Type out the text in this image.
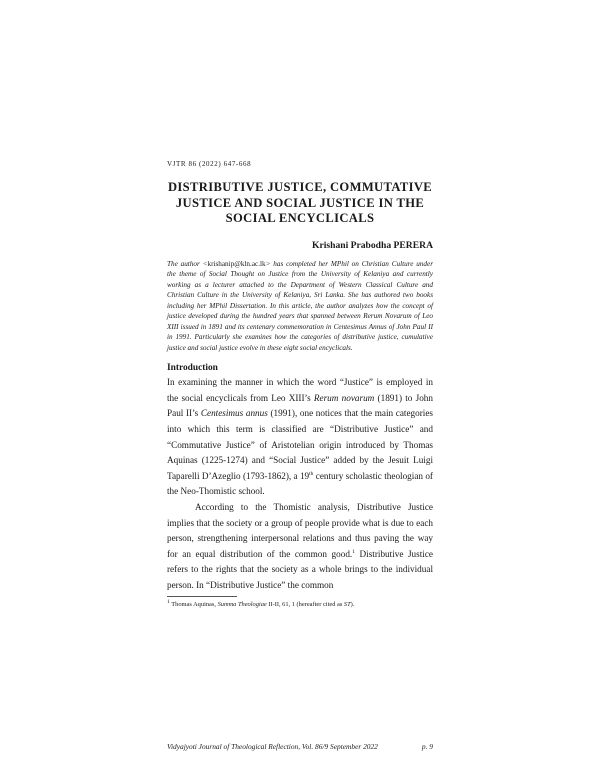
VJTR 86 (2022) 647-668
DISTRIBUTIVE JUSTICE, COMMUTATIVE
JUSTICE AND SOCIAL JUSTICE IN THE
SOCIAL ENCYCLICALS
Krishani Prabodha PERERA

The author <krishanip@kln.ac.lk> has completed her MPhil on Christian Culture under the theme of Social Thought on Justice from the University of Kelaniya and currently working as a lecturer attached to the Department of Western Classical Culture and Christian Culture in the University of Kelaniya, Sri Lanka. She has authored two books including her MPhil Dissertation. In this article, the author analyzes how the concept of justice developed during the hundred years that spanned between Rerum Novarum of Leo XIII issued in 1891 and its centenary commemoration in Centesimus Annus of John Paul II in 1991. Particularly she examines how the categories of distributive justice, cumulative justice and social justice evolve in these eight social encyclicals.

Introduction

In examining the manner in which the word “Justice” is employed in the social encyclicals from Leo XIII’s Rerum novarum (1891) to John Paul II’s Centesimus annus (1991), one notices that the main categories into which this term is classified are “Distributive Justice” and “Commutative Justice” of Aristotelian origin introduced by Thomas Aquinas (1225-1274) and “Social Justice” added by the Jesuit Luigi Taparelli D’Azeglio (1793-1862), a 19th century scholastic theologian of the Neo-Thomistic school.

According to the Thomistic analysis, Distributive Justice implies that the society or a group of people provide what is due to each person, strengthening interpersonal relations and thus paving the way for an equal distribution of the common good.$^1$ Distributive Justice refers to the rights that the society as a whole brings to the individual person. In “Distributive Justice” the common

$^1$ Thomas Aquinas, Summa Theologiae II-II, 61, 1 (hereafter cited as ST).
Vidyajyoti Journal of Theological Reflection, Vol. 86/9 September 2022	p. 9
